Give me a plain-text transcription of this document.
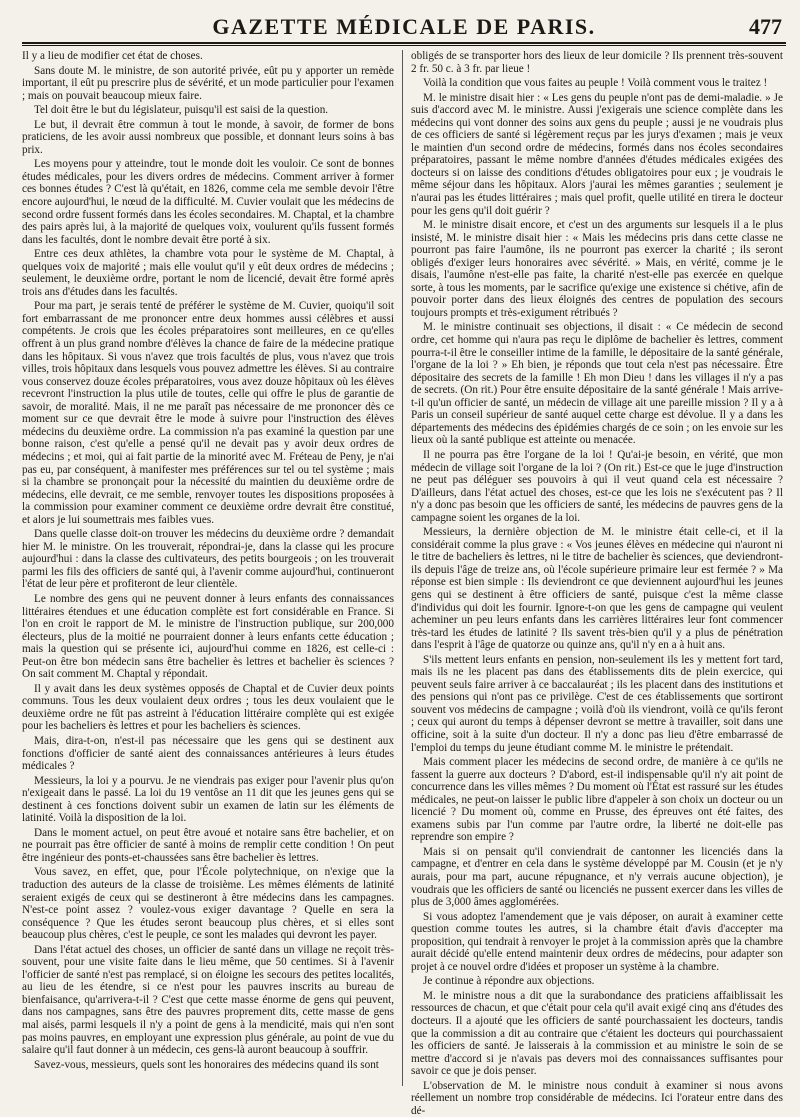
GAZETTE MÉDICALE DE PARIS.	477

Il y a lieu de modifier cet état de choses.

Sans doute M. le ministre, de son autorité privée, eût pu y apporter un remède important, il eût pu prescrire plus de sévérité, et un mode particulier pour l'examen ; mais on pouvait beaucoup mieux faire.

Tel doit être le but du législateur, puisqu'il est saisi de la question.

Le but, il devrait être commun à tout le monde, à savoir, de former de bons praticiens, de les avoir aussi nombreux que possible, et donnant leurs soins à bas prix.

Les moyens pour y atteindre, tout le monde doit les vouloir. Ce sont de bonnes études médicales, pour les divers ordres de médecins. Comment arriver à former ces bonnes études ? C'est là qu'était, en 1826, comme cela me semble devoir l'être encore aujourd'hui, le nœud de la difficulté. M. Cuvier voulait que les médecins de second ordre fussent formés dans les écoles secondaires. M. Chaptal, et la chambre des pairs après lui, à la majorité de quelques voix, voulurent qu'ils fussent formés dans les facultés, dont le nombre devait être porté à six.

Entre ces deux athlètes, la chambre vota pour le système de M. Chaptal, à quelques voix de majorité ; mais elle voulut qu'il y eût deux ordres de médecins ; seulement, le deuxième ordre, portant le nom de licencié, devait être formé après trois ans d'études dans les facultés.

Pour ma part, je serais tenté de préférer le système de M. Cuvier, quoiqu'il soit fort embarrassant de me prononcer entre deux hommes aussi célèbres et aussi compétents. Je crois que les écoles préparatoires sont meilleures, en ce qu'elles offrent à un plus grand nombre d'élèves la chance de faire de la médecine pratique dans les hôpitaux. Si vous n'avez que trois facultés de plus, vous n'avez que trois villes, trois hôpitaux dans lesquels vous pouvez admettre les élèves. Si au contraire vous conservez douze écoles préparatoires, vous avez douze hôpitaux où les élèves recevront l'instruction la plus utile de toutes, celle qui offre le plus de garantie de savoir, de moralité. Mais, il ne me paraît pas nécessaire de me prononcer dès ce moment sur ce que devrait être le mode à suivre pour l'instruction des élèves médecins du deuxième ordre. La commission n'a pas examiné la question par une bonne raison, c'est qu'elle a pensé qu'il ne devait pas y avoir deux ordres de médecins ; et moi, qui ai fait partie de la minorité avec M. Fréteau de Peny, je n'ai pas eu, par conséquent, à manifester mes préférences sur tel ou tel système ; mais si la chambre se prononçait pour la nécessité du maintien du deuxième ordre de médecins, elle devrait, ce me semble, renvoyer toutes les dispositions proposées à la commission pour examiner comment ce deuxième ordre devrait être constitué, et alors je lui soumettrais mes faibles vues.

Dans quelle classe doit-on trouver les médecins du deuxième ordre ? demandait hier M. le ministre. On les trouverait, répondrai-je, dans la classe qui les procure aujourd'hui : dans la classe des cultivateurs, des petits bourgeois ; on les trouverait parmi les fils des officiers de santé qui, à l'avenir comme aujourd'hui, continueront l'état de leur père et profiteront de leur clientèle.

Le nombre des gens qui ne peuvent donner à leurs enfants des connaissances littéraires étendues et une éducation complète est fort considérable en France. Si l'on en croit le rapport de M. le ministre de l'instruction publique, sur 200,000 électeurs, plus de la moitié ne pourraient donner à leurs enfants cette éducation ; mais la question qui se présente ici, aujourd'hui comme en 1826, est celle-ci : Peut-on être bon médecin sans être bachelier ès lettres et bachelier ès sciences ? On sait comment M. Chaptal y répondait.

Il y avait dans les deux systèmes opposés de Chaptal et de Cuvier deux points communs. Tous les deux voulaient deux ordres ; tous les deux voulaient que le deuxième ordre ne fût pas astreint à l'éducation littéraire complète qui est exigée pour les bacheliers ès lettres et pour les bacheliers ès sciences.

Mais, dira-t-on, n'est-il pas nécessaire que les gens qui se destinent aux fonctions d'officier de santé aient des connaissances antérieures à leurs études médicales ?

Messieurs, la loi y a pourvu. Je ne viendrais pas exiger pour l'avenir plus qu'on n'exigeait dans le passé. La loi du 19 ventôse an 11 dit que les jeunes gens qui se destinent à ces fonctions doivent subir un examen de latin sur les éléments de latinité. Voilà la disposition de la loi.

Dans le moment actuel, on peut être avoué et notaire sans être bachelier, et on ne pourrait pas être officier de santé à moins de remplir cette condition ! On peut être ingénieur des ponts-et-chaussées sans être bachelier ès lettres.

Vous savez, en effet, que, pour l'École polytechnique, on n'exige que la traduction des auteurs de la classe de troisième. Les mêmes éléments de latinité seraient exigés de ceux qui se destineront à être médecins dans les campagnes. N'est-ce point assez ? voulez-vous exiger davantage ? Quelle en sera la conséquence ? Que les études seront beaucoup plus chères, et si elles sont beaucoup plus chères, c'est le peuple, ce sont les malades qui devront les payer.

Dans l'état actuel des choses, un officier de santé dans un village ne reçoit très-souvent, pour une visite faite dans le lieu même, que 50 centimes. Si à l'avenir l'officier de santé n'est pas remplacé, si on éloigne les secours des petites localités, au lieu de les étendre, si ce n'est pour les pauvres inscrits au bureau de bienfaisance, qu'arrivera-t-il ? C'est que cette masse énorme de gens qui peuvent, dans nos campagnes, sans être des pauvres proprement dits, cette masse de gens mal aisés, parmi lesquels il n'y a point de gens à la mendicité, mais qui n'en sont pas moins pauvres, en employant une expression plus générale, au point de vue du salaire qu'il faut donner à un médecin, ces gens-là auront beaucoup à souffrir.

Savez-vous, messieurs, quels sont les honoraires des médecins quand ils sont

obligés de se transporter hors des lieux de leur domicile ? Ils prennent très-souvent 2 fr. 50 c. à 3 fr. par lieue !

Voilà la condition que vous faites au peuple ! Voilà comment vous le traitez !

M. le ministre disait hier : « Les gens du peuple n'ont pas de demi-maladie. » Je suis d'accord avec M. le ministre. Aussi j'exigerais une science complète dans les médecins qui vont donner des soins aux gens du peuple ; aussi je ne voudrais plus de ces officiers de santé si légèrement reçus par les jurys d'examen ; mais je veux le maintien d'un second ordre de médecins, formés dans nos écoles secondaires préparatoires, passant le même nombre d'années d'études médicales exigées des docteurs si on laisse des conditions d'études obligatoires pour eux ; je voudrais le même séjour dans les hôpitaux. Alors j'aurai les mêmes garanties ; seulement je n'aurai pas les études littéraires ; mais quel profit, quelle utilité en tirera le docteur pour les gens qu'il doit guérir ?

M. le ministre disait encore, et c'est un des arguments sur lesquels il a le plus insisté, M. le ministre disait hier : « Mais les médecins pris dans cette classe ne pourront pas faire l'aumône, ils ne pourront pas exercer la charité ; ils seront obligés d'exiger leurs honoraires avec sévérité. » Mais, en vérité, comme je le disais, l'aumône n'est-elle pas faite, la charité n'est-elle pas exercée en quelque sorte, à tous les moments, par le sacrifice qu'exige une existence si chétive, afin de pouvoir porter dans des lieux éloignés des centres de population des secours toujours prompts et très-exigument rétribués ?

M. le ministre continuait ses objections, il disait : « Ce médecin de second ordre, cet homme qui n'aura pas reçu le diplôme de bachelier ès lettres, comment pourra-t-il être le conseiller intime de la famille, le dépositaire de la santé générale, l'organe de la loi ? » Eh bien, je réponds que tout cela n'est pas nécessaire. Être dépositaire des secrets de la famille ! Eh mon Dieu ! dans les villages il n'y a pas de secrets. (On rit.) Pour être ensuite dépositaire de la santé générale ! Mais arrive-t-il qu'un officier de santé, un médecin de village ait une pareille mission ? Il y a à Paris un conseil supérieur de santé auquel cette charge est dévolue. Il y a dans les départements des médecins des épidémies chargés de ce soin ; on les envoie sur les lieux où la santé publique est atteinte ou menacée.

Il ne pourra pas être l'organe de la loi ! Qu'ai-je besoin, en vérité, que mon médecin de village soit l'organe de la loi ? (On rit.) Est-ce que le juge d'instruction ne peut pas déléguer ses pouvoirs à qui il veut quand cela est nécessaire ? D'ailleurs, dans l'état actuel des choses, est-ce que les lois ne s'exécutent pas ? Il n'y a donc pas besoin que les officiers de santé, les médecins de pauvres gens de la campagne soient les organes de la loi.

Messieurs, la dernière objection de M. le ministre était celle-ci, et il la considérait comme la plus grave : « Vos jeunes élèves en médecine qui n'auront ni le titre de bacheliers ès lettres, ni le titre de bachelier ès sciences, que deviendront-ils depuis l'âge de treize ans, où l'école supérieure primaire leur est fermée ? » Ma réponse est bien simple : Ils deviendront ce que deviennent aujourd'hui les jeunes gens qui se destinent à être officiers de santé, puisque c'est la même classe d'individus qui doit les fournir. Ignore-t-on que les gens de campagne qui veulent acheminer un peu leurs enfants dans les carrières littéraires leur font commencer très-tard les études de latinité ? Ils savent très-bien qu'il y a plus de pénétration dans l'esprit à l'âge de quatorze ou quinze ans, qu'il n'y en a à huit ans.

S'ils mettent leurs enfants en pension, non-seulement ils les y mettent fort tard, mais ils ne les placent pas dans des établissements dits de plein exercice, qui peuvent seuls faire arriver à ce baccalauréat ; ils les placent dans des institutions et des pensions qui n'ont pas ce privilège. C'est de ces établissements que sortiront souvent vos médecins de campagne ; voilà d'où ils viendront, voilà ce qu'ils feront ; ceux qui auront du temps à dépenser devront se mettre à travailler, soit dans une officine, soit à la suite d'un docteur. Il n'y a donc pas lieu d'être embarrassé de l'emploi du temps du jeune étudiant comme M. le ministre le prétendait.

Mais comment placer les médecins de second ordre, de manière à ce qu'ils ne fassent la guerre aux docteurs ? D'abord, est-il indispensable qu'il n'y ait point de concurrence dans les villes mêmes ? Du moment où l'État est rassuré sur les études médicales, ne peut-on laisser le public libre d'appeler à son choix un docteur ou un licencié ? Du moment où, comme en Prusse, des épreuves ont été faites, des examens subis par l'un comme par l'autre ordre, la liberté ne doit-elle pas reprendre son empire ?

Mais si on pensait qu'il conviendrait de cantonner les licenciés dans la campagne, et d'entrer en cela dans le système développé par M. Cousin (et je n'y aurais, pour ma part, aucune répugnance, et n'y verrais aucune objection), je voudrais que les officiers de santé ou licenciés ne pussent exercer dans les villes de plus de 3,000 âmes agglomérées.

Si vous adoptez l'amendement que je vais déposer, on aurait à examiner cette question comme toutes les autres, si la chambre était d'avis d'accepter ma proposition, qui tendrait à renvoyer le projet à la commission après que la chambre aurait décidé qu'elle entend maintenir deux ordres de médecins, pour adapter son projet à ce nouvel ordre d'idées et proposer un système à la chambre.

Je continue à répondre aux objections.

M. le ministre nous a dit que la surabondance des praticiens affaiblissait les ressources de chacun, et que c'était pour cela qu'il avait exigé cinq ans d'études des docteurs. Il a ajouté que les officiers de santé pourchassaient les docteurs, tandis que la commission a dit au contraire que c'étaient les docteurs qui pourchassaient les officiers de santé. Je laisserais à la commission et au ministre le soin de se mettre d'accord si je n'avais pas devers moi des connaissances suffisantes pour savoir ce que je dois penser.

L'observation de M. le ministre nous conduit à examiner si nous avons réellement un nombre trop considérable de médecins. Ici l'orateur entre dans des dé-
